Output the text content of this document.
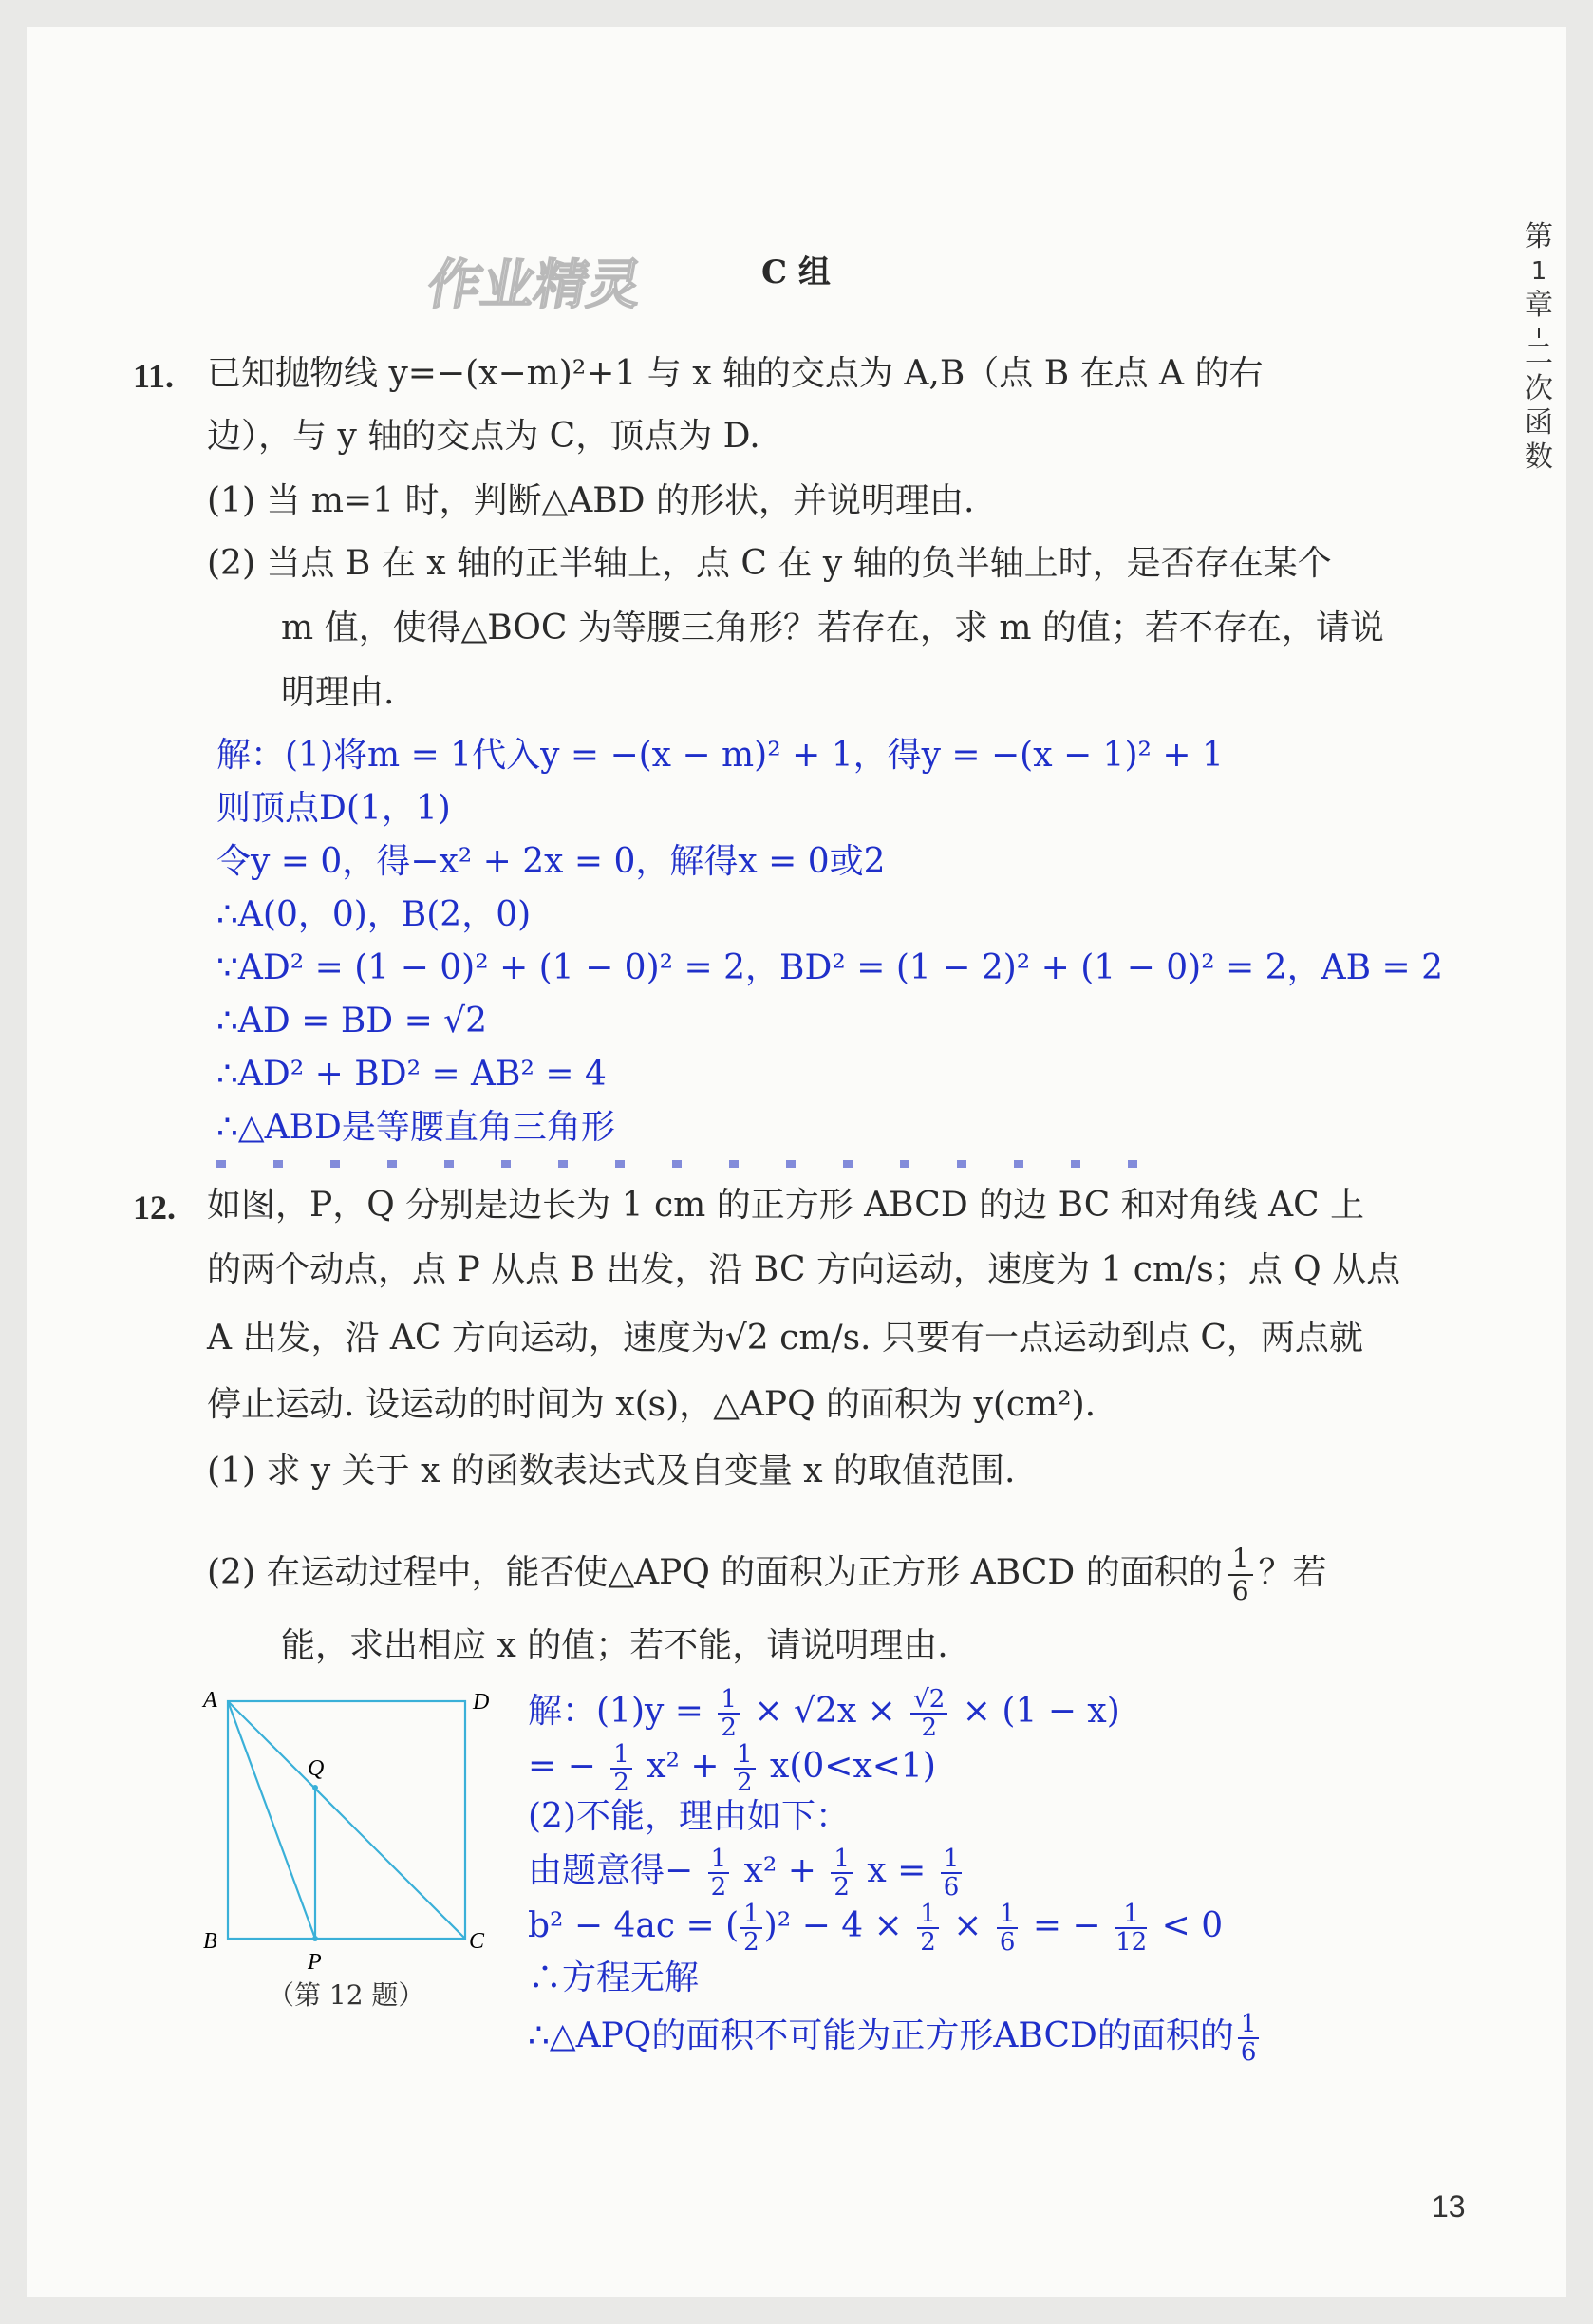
第
1
章
二
次
函
数
作业精灵	C 组
11. 已知抛物线 y=−(x−m)²+1 与 x 轴的交点为 A,B（点 B 在点 A 的右
边），与 y 轴的交点为 C，顶点为 D.
(1) 当 m=1 时，判断△ABD 的形状，并说明理由.
(2) 当点 B 在 x 轴的正半轴上，点 C 在 y 轴的负半轴上时，是否存在某个
m 值，使得△BOC 为等腰三角形？若存在，求 m 的值；若不存在，请说
明理由.
解：(1)将m = 1代入y = −(x − m)² + 1，得y = −(x − 1)² + 1
则顶点D(1，1)
令y = 0，得−x² + 2x = 0，解得x = 0或2
∴A(0，0)，B(2，0)
∵AD² = (1 − 0)² + (1 − 0)² = 2，BD² = (1 − 2)² + (1 − 0)² = 2，AB = 2
∴AD = BD = √2
∴AD² + BD² = AB² = 4
∴△ABD是等腰直角三角形
12. 如图，P，Q 分别是边长为 1 cm 的正方形 ABCD 的边 BC 和对角线 AC 上
的两个动点，点 P 从点 B 出发，沿 BC 方向运动，速度为 1 cm/s；点 Q 从点
A 出发，沿 AC 方向运动，速度为√2 cm/s. 只要有一点运动到点 C，两点就
停止运动. 设运动的时间为 x(s)，△APQ 的面积为 y(cm²).
(1) 求 y 关于 x 的函数表达式及自变量 x 的取值范围.
(2) 在运动过程中，能否使△APQ 的面积为正方形 ABCD 的面积的 $\frac{1}{6}$ ？若
能，求出相应 x 的值；若不能，请说明理由.
A	D
B	C
P
Q
（第 12 题）
解：$(1)y = \frac{1}{2} \times √2x \times \frac{√2}{2} \times (1 - x)$
= − $\frac{1}{2} x^2 + \frac{1}{2} x(0<x<1)$
(2)不能，理由如下：
由题意得− $\frac{1}{2} x^2 + \frac{1}{2}$ $x = \frac{1}{6}$
b² − 4ac = ( $\frac{1}{2} )^2 - 4 \times \frac{1}{2} \times \frac{1}{6}$ = − $\frac{1}{12} < 0$
∴方程无解
∴△APQ的面积不可能为正方形ABCD的面积的 $\frac{1}{6}$
13
